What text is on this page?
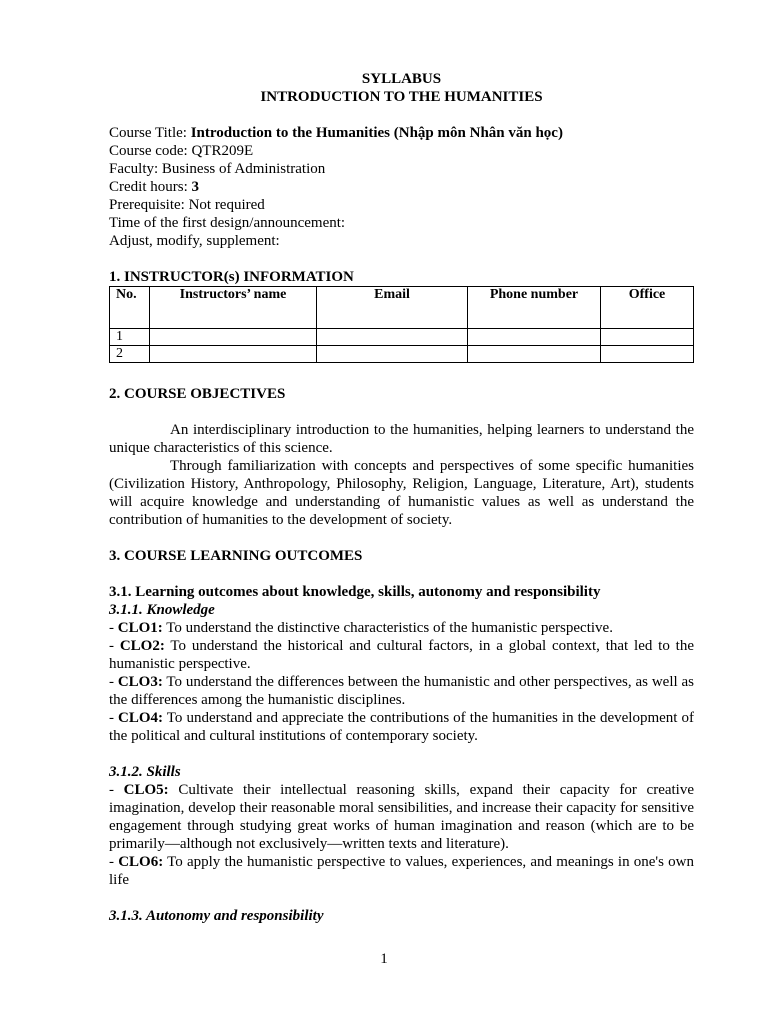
SYLLABUS
INTRODUCTION TO THE HUMANITIES
Course Title: Introduction to the Humanities (Nhập môn Nhân văn học)
Course code: QTR209E
Faculty: Business of Administration
Credit hours: 3
Prerequisite: Not required
Time of the first design/announcement:
Adjust, modify, supplement:
1. INSTRUCTOR(s) INFORMATION
No.	Instructors’ name	Email	Phone number	Office
1				
2				
2. COURSE OBJECTIVES
An interdisciplinary introduction to the humanities, helping learners to understand the unique characteristics of this science.
Through familiarization with concepts and perspectives of some specific humanities (Civilization History, Anthropology, Philosophy, Religion, Language, Literature, Art), students will acquire knowledge and understanding of humanistic values as well as understand the contribution of humanities to the development of society.
3. COURSE LEARNING OUTCOMES
3.1. Learning outcomes about knowledge, skills, autonomy and responsibility
3.1.1. Knowledge
- CLO1: To understand the distinctive characteristics of the humanistic perspective.
- CLO2: To understand the historical and cultural factors, in a global context, that led to the humanistic perspective.
- CLO3: To understand the differences between the humanistic and other perspectives, as well as the differences among the humanistic disciplines.
- CLO4: To understand and appreciate the contributions of the humanities in the development of the political and cultural institutions of contemporary society.
3.1.2. Skills
- CLO5: Cultivate their intellectual reasoning skills, expand their capacity for creative imagination, develop their reasonable moral sensibilities, and increase their capacity for sensitive engagement through studying great works of human imagination and reason (which are to be primarily—although not exclusively—written texts and literature).
- CLO6: To apply the humanistic perspective to values, experiences, and meanings in one's own life
3.1.3. Autonomy and responsibility
1
